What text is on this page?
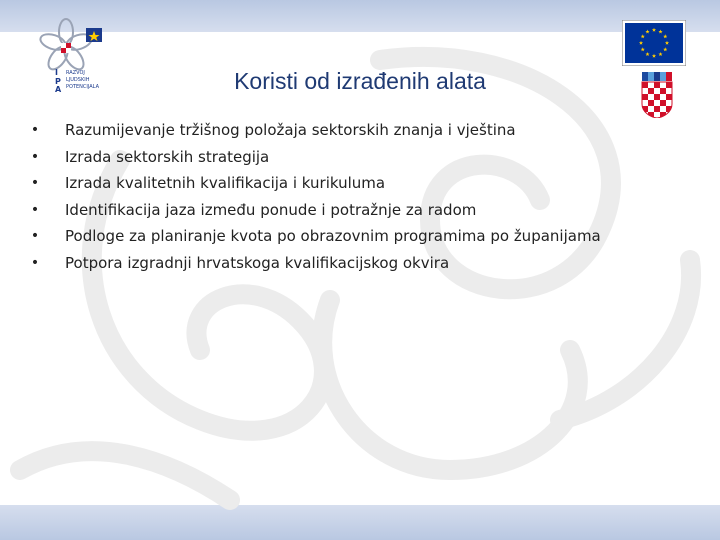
I
P
A
RAZVOJ
LJUDSKIH
POTENCIJALA	Koristi od izrađenih alata
• Razumijevanje tržišnog položaja sektorskih znanja i vještina
• Izrada sektorskih strategija
• Izrada kvalitetnih kvalifikacija i kurikuluma
• Identifikacija jaza između ponude i potražnje za radom
• Podloge za planiranje kvota po obrazovnim programima po županijama
• Potpora izgradnji hrvatskoga kvalifikacijskog okvira
